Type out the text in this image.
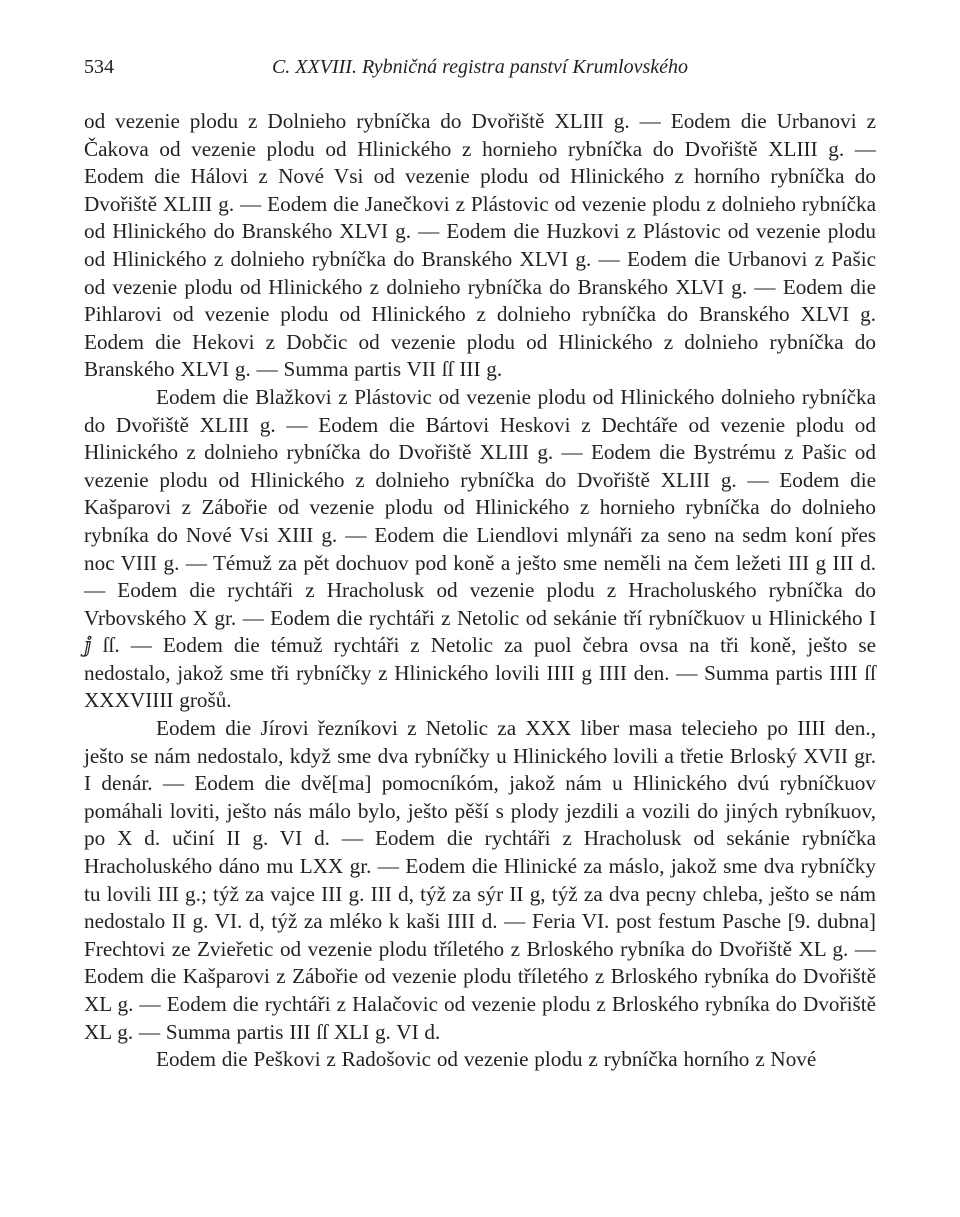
534	C. XXVIII. Rybničná registra panství Krumlovského

od vezenie plodu z Dolnieho rybníčka do Dvořiště XLIII g. — Eodem die Urbanovi z Čakova od vezenie plodu od Hlinického z hornieho rybníčka do Dvořiště XLIII g. — Eodem die Hálovi z Nové Vsi od vezenie plodu od Hlinického z horního rybníčka do Dvořiště XLIII g. — Eodem die Janečkovi z Plástovic od vezenie plodu z dolnieho rybníčka od Hlinického do Branského XLVI g. — Eodem die Huzkovi z Plástovic od vezenie plodu od Hlinického z dolnieho rybníčka do Branského XLVI g. — Eodem die Urbanovi z Pašic od vezenie plodu od Hlinického z dolnieho rybníčka do Branského XLVI g. — Eodem die Pihlarovi od vezenie plodu od Hlinického z dolnieho rybníčka do Branského XLVI g. Eodem die Hekovi z Dobčic od vezenie plodu od Hlinického z dolnieho rybníčka do Branského XLVI g. — Summa partis VII ſſ III g.

Eodem die Blažkovi z Plástovic od vezenie plodu od Hlinického dolnieho rybníčka do Dvořiště XLIII g. — Eodem die Bártovi Heskovi z Dechtáře od vezenie plodu od Hlinického z dolnieho rybníčka do Dvořiště XLIII g. — Eodem die Bystrému z Pašic od vezenie plodu od Hlinického z dolnieho rybníčka do Dvořiště XLIII g. — Eodem die Kašparovi z Zábořie od vezenie plodu od Hlinického z hornieho rybníčka do dolnieho rybníka do Nové Vsi XIII g. — Eodem die Liendlovi mlynáři za seno na sedm koní přes noc VIII g. — Témuž za pět dochuov pod koně a ješto sme neměli na čem ležeti III g III d. — Eodem die rychtáři z Hracholusk od vezenie plodu z Hracholuského rybníčka do Vrbovského X gr. — Eodem die rychtáři z Netolic od sekánie tří rybníčkuov u Hlinického I ⅉ ſſ. — Eodem die témuž rychtáři z Netolic za puol čebra ovsa na tři koně, ješto se nedostalo, jakož sme tři rybníčky z Hlinického lovili IIII g IIII den. — Summa partis IIII ſſ XXXVIIII grošů.

Eodem die Jírovi řezníkovi z Netolic za XXX liber masa telecieho po IIII den., ješto se nám nedostalo, když sme dva rybníčky u Hlinického lovili a třetie Brloský XVII gr. I denár. — Eodem die dvě[ma] pomocníkóm, jakož nám u Hlinického dvú rybníčkuov pomáhali loviti, ješto nás málo bylo, ješto pěší s plody jezdili a vozili do jiných rybníkuov, po X d. učiní II g. VI d. — Eodem die rychtáři z Hracholusk od sekánie rybníčka Hracholuského dáno mu LXX gr. — Eodem die Hlinické za máslo, jakož sme dva rybníčky tu lovili III g.; týž za vajce III g. III d, týž za sýr II g, týž za dva pecny chleba, ješto se nám nedostalo II g. VI. d, týž za mléko k kaši IIII d. — Feria VI. post festum Pasche [9. dubna] Frechtovi ze Zvieřetic od vezenie plodu tříletého z Brloského rybníka do Dvořiště XL g. — Eodem die Kašparovi z Zábořie od vezenie plodu tříletého z Brloského rybníka do Dvořiště XL g. — Eodem die rychtáři z Halačovic od vezenie plodu z Brloského rybníka do Dvořiště XL g. — Summa partis III ſſ XLI g. VI d.

Eodem die Peškovi z Radošovic od vezenie plodu z rybníčka horního z Nové
